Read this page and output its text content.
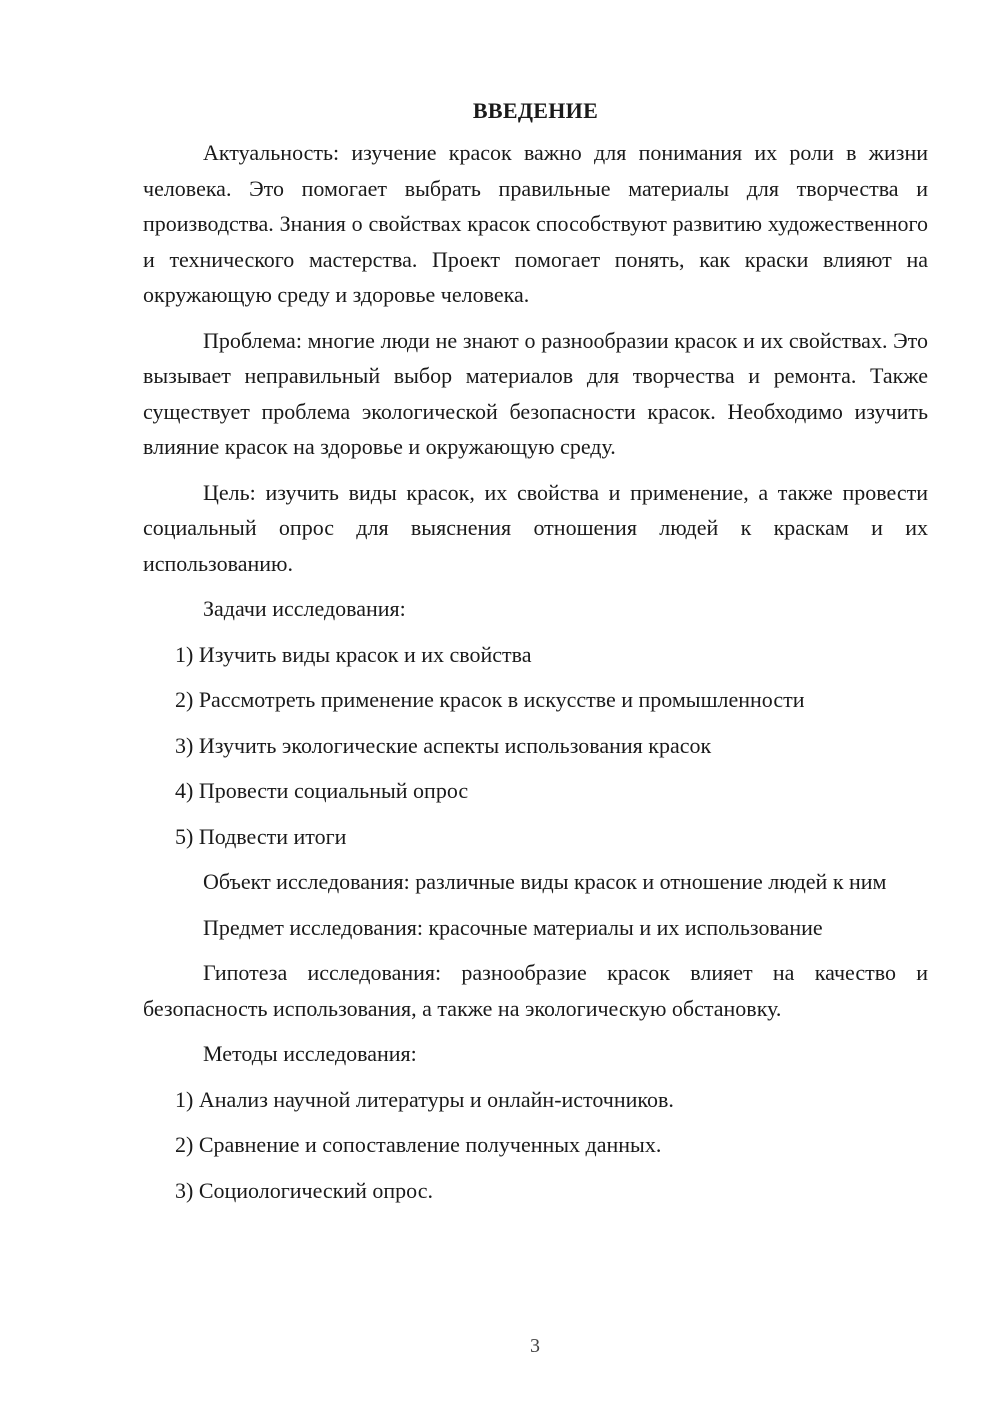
ВВЕДЕНИЕ

Актуальность: изучение красок важно для понимания их роли в жизни человека. Это помогает выбрать правильные материалы для творчества и производства. Знания о свойствах красок способствуют развитию художественного и технического мастерства. Проект помогает понять, как краски влияют на окружающую среду и здоровье человека.

Проблема: многие люди не знают о разнообразии красок и их свойствах. Это вызывает неправильный выбор материалов для творчества и ремонта. Также существует проблема экологической безопасности красок. Необходимо изучить влияние красок на здоровье и окружающую среду.

Цель: изучить виды красок, их свойства и применение, а также провести социальный опрос для выяснения отношения людей к краскам и их использованию.

Задачи исследования:

1) Изучить виды красок и их свойства
2) Рассмотреть применение красок в искусстве и промышленности
3) Изучить экологические аспекты использования красок
4) Провести социальный опрос
5) Подвести итоги

Объект исследования: различные виды красок и отношение людей к ним

Предмет исследования: красочные материалы и их использование

Гипотеза исследования: разнообразие красок влияет на качество и безопасность использования, а также на экологическую обстановку.

Методы исследования:

1) Анализ научной литературы и онлайн-источников.
2) Сравнение и сопоставление полученных данных.
3) Социологический опрос.
3
